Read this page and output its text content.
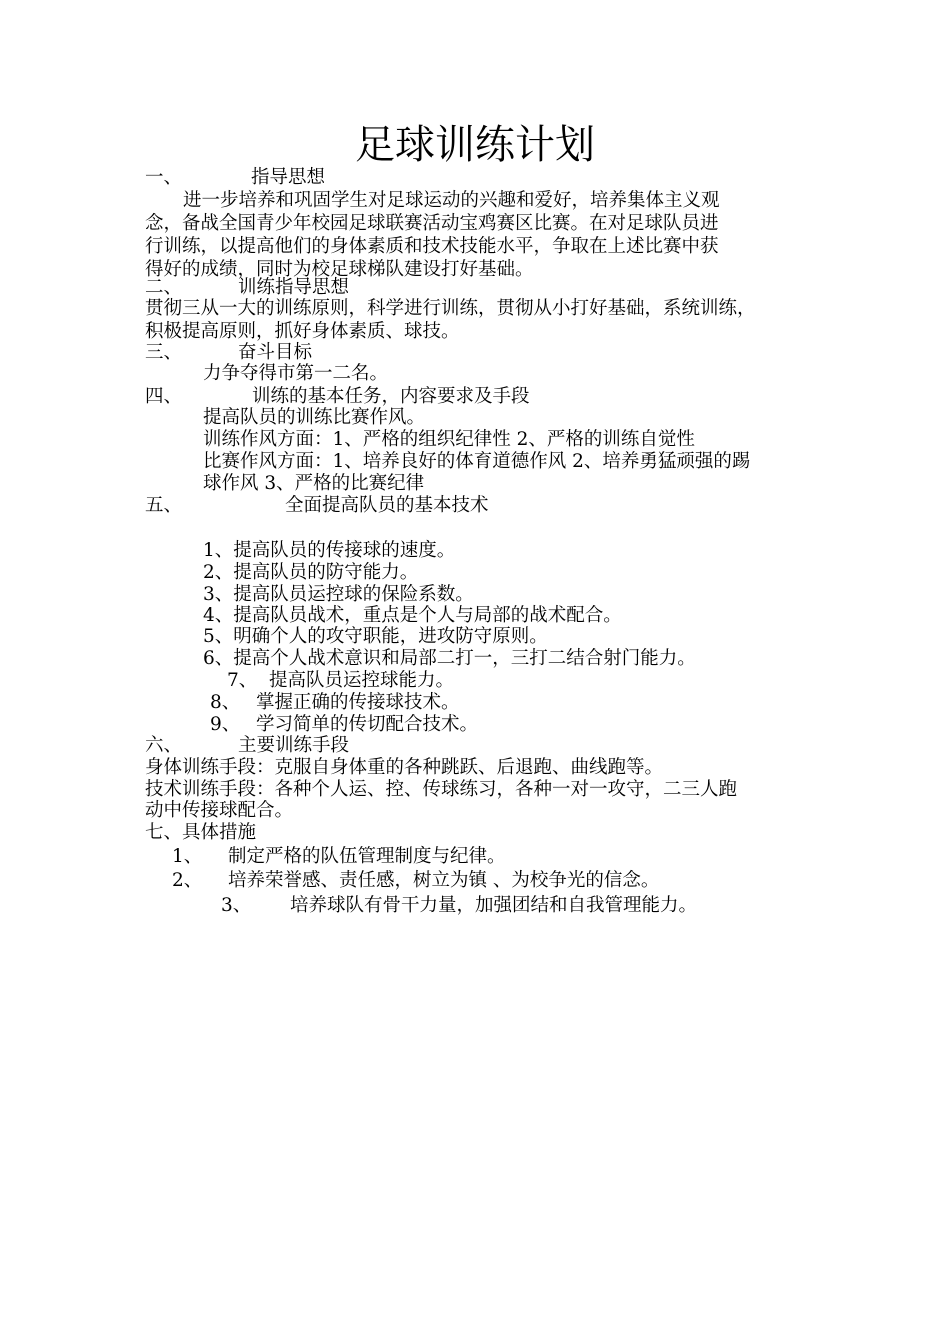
足球训练计划
一、	指导思想
进一步培养和巩固学生对足球运动的兴趣和爱好，培养集体主义观
念，备战全国青少年校园足球联赛活动宝鸡赛区比赛。在对足球队员进
行训练，以提高他们的身体素质和技术技能水平，争取在上述比赛中获
得好的成绩，同时为校足球梯队建设打好基础。
二、	训练指导思想
贯彻三从一大的训练原则，科学进行训练，贯彻从小打好基础，系统训练，
积极提高原则，抓好身体素质、球技。
三、	奋斗目标
力争夺得市第一二名。
四、	训练的基本任务，内容要求及手段
提高队员的训练比赛作风。
训练作风方面：1、严格的组织纪律性 2、严格的训练自觉性
比赛作风方面：1、培养良好的体育道德作风 2、培养勇猛顽强的踢
球作风 3、严格的比赛纪律
五、	全面提高队员的基本技术
1、提高队员的传接球的速度。
2、提高队员的防守能力。
3、提高队员运控球的保险系数。
4、提高队员战术，重点是个人与局部的战术配合。
5、明确个人的攻守职能，进攻防守原则。
6、提高个人战术意识和局部二打一，三打二结合射门能力。
7、 提高队员运控球能力。
8、 掌握正确的传接球技术。
9、 学习简单的传切配合技术。
六、	主要训练手段
身体训练手段：克服自身体重的各种跳跃、后退跑、曲线跑等。
技术训练手段：各种个人运、控、传球练习，各种一对一攻守，二三人跑
动中传接球配合。
七、具体措施
1、 制定严格的队伍管理制度与纪律。
2、 培养荣誉感、责任感，树立为镇 、为校争光的信念。
3、 培养球队有骨干力量，加强团结和自我管理能力。
